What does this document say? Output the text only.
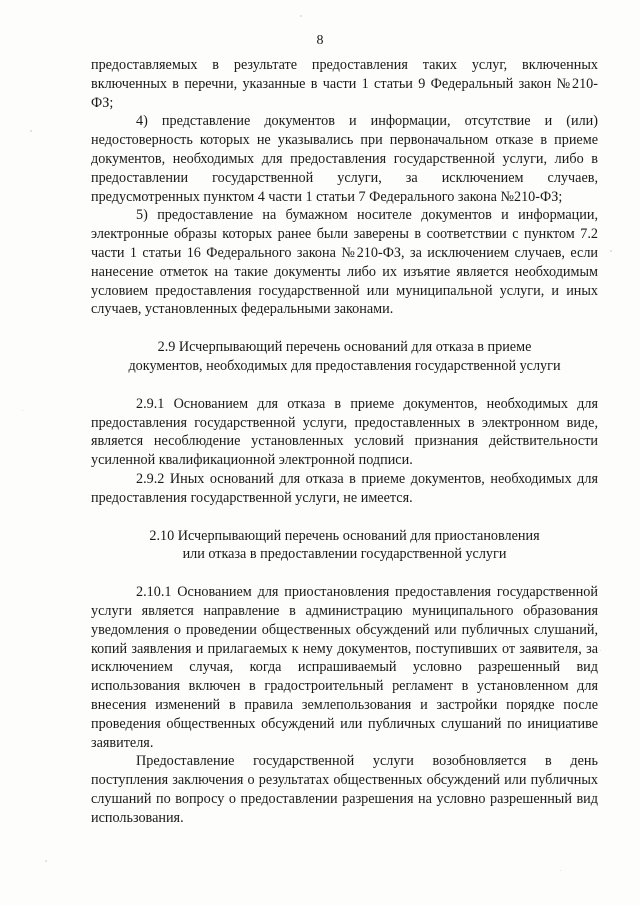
8

предоставляемых в результате предоставления таких услуг, включенных включенных в перечни, указанные в части 1 статьи 9 Федеральный закон №210-ФЗ;

4) представление документов и информации, отсутствие и (или) недостоверность которых не указывались при первоначальном отказе в приеме документов, необходимых для предоставления государственной услуги, либо в предоставлении государственной услуги, за исключением случаев, предусмотренных пунктом 4 части 1 статьи 7 Федерального закона №210-ФЗ;

5) предоставление на бумажном носителе документов и информации, электронные образы которых ранее были заверены в соответствии с пунктом 7.2 части 1 статьи 16 Федерального закона №210-ФЗ, за исключением случаев, если нанесение отметок на такие документы либо их изъятие является необходимым условием предоставления государственной или муниципальной услуги, и иных случаев, установленных федеральными законами.

2.9 Исчерпывающий перечень оснований для отказа в приеме

документов, необходимых для предоставления государственной услуги

2.9.1 Основанием для отказа в приеме документов, необходимых для предоставления государственной услуги, предоставленных в электронном виде, является несоблюдение установленных условий признания действительности усиленной квалификационной электронной подписи.

2.9.2 Иных оснований для отказа в приеме документов, необходимых для предоставления государственной услуги, не имеется.

2.10 Исчерпывающий перечень оснований для приостановления

или отказа в предоставлении государственной услуги

2.10.1 Основанием для приостановления предоставления государственной услуги является направление в администрацию муниципального образования уведомления о проведении общественных обсуждений или публичных слушаний, копий заявления и прилагаемых к нему документов, поступивших от заявителя, за исключением случая, когда испрашиваемый условно разрешенный вид использования включен в градостроительный регламент в установленном для внесения изменений в правила землепользования и застройки порядке после проведения общественных обсуждений или публичных слушаний по инициативе заявителя.

Предоставление государственной услуги возобновляется в день поступления заключения о результатах общественных обсуждений или публичных слушаний по вопросу о предоставлении разрешения на условно разрешенный вид использования.
